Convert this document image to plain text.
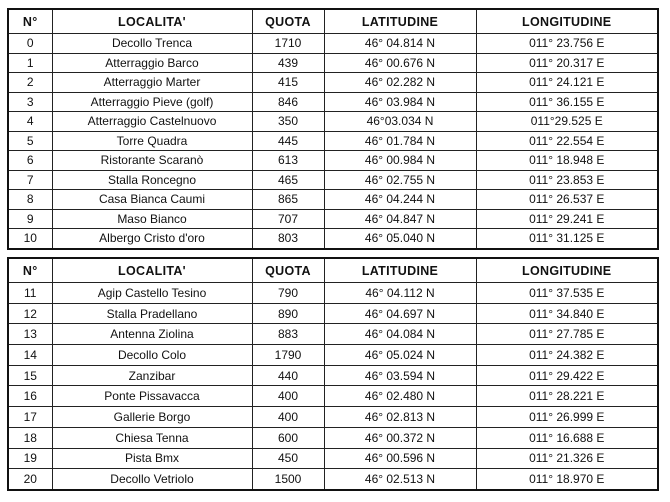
N°	LOCALITA'	QUOTA	LATITUDINE	LONGITUDINE
0	Decollo Trenca	1710	46° 04.814 N	011° 23.756 E
1	Atterraggio Barco	439	46° 00.676 N	011° 20.317 E
2	Atterraggio Marter	415	46° 02.282 N	011° 24.121 E
3	Atterraggio Pieve (golf)	846	46° 03.984 N	011° 36.155 E
4	Atterraggio Castelnuovo	350	46°03.034 N	011°29.525 E
5	Torre Quadra	445	46° 01.784 N	011° 22.554 E
6	Ristorante Scaranò	613	46° 00.984 N	011° 18.948 E
7	Stalla Roncegno	465	46° 02.755 N	011° 23.853 E
8	Casa Bianca Caumi	865	46° 04.244 N	011° 26.537 E
9	Maso Bianco	707	46° 04.847 N	011° 29.241 E
10	Albergo Cristo d'oro	803	46° 05.040 N	011° 31.125 E
N°	LOCALITA'	QUOTA	LATITUDINE	LONGITUDINE
11	Agip Castello Tesino	790	46° 04.112 N	011° 37.535 E
12	Stalla Pradellano	890	46° 04.697 N	011° 34.840 E
13	Antenna Ziolina	883	46° 04.084 N	011° 27.785 E
14	Decollo Colo	1790	46° 05.024 N	011° 24.382 E
15	Zanzibar	440	46° 03.594 N	011° 29.422 E
16	Ponte Pissavacca	400	46° 02.480 N	011° 28.221 E
17	Gallerie Borgo	400	46° 02.813 N	011° 26.999 E
18	Chiesa Tenna	600	46° 00.372 N	011° 16.688 E
19	Pista Bmx	450	46° 00.596 N	011° 21.326 E
20	Decollo Vetriolo	1500	46° 02.513 N	011° 18.970 E
